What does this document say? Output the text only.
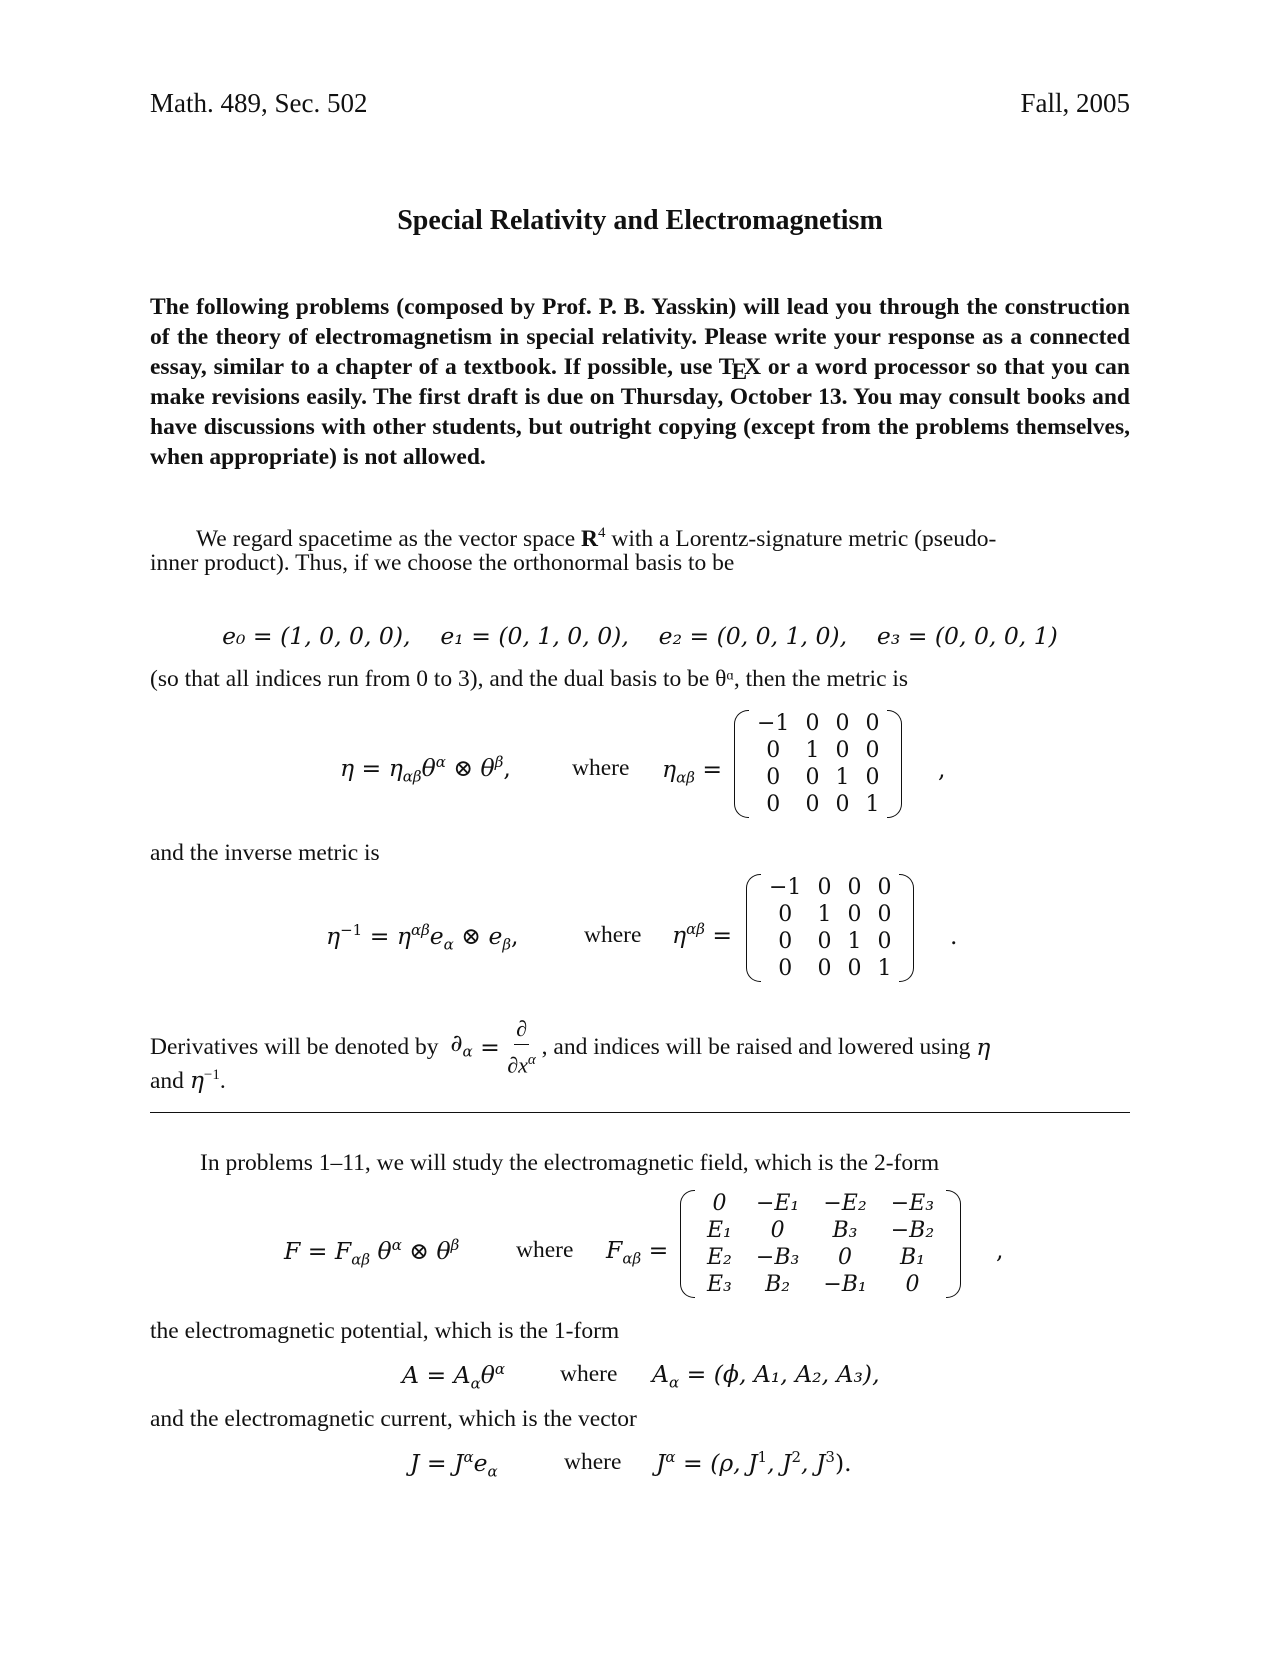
Math. 489, Sec. 502	Fall, 2005
Special Relativity and Electromagnetism
The following problems (composed by Prof. P. B. Yasskin) will lead you through the construction of the theory of electromagnetism in special relativity. Please write your response as a connected essay, similar to a chapter of a textbook. If possible, use TEX or a word processor so that you can make revisions easily. The first draft is due on Thursday, October 13. You may consult books and have discussions with other students, but outright copying (except from the problems themselves, when appropriate) is not allowed.
We regard spacetime as the vector space $R^4$ with a Lorentz-signature metric (pseudo-
inner product). Thus, if we choose the orthonormal basis to be
e₀ = (1, 0, 0, 0),    e₁ = (0, 1, 0, 0),    e₂ = (0, 0, 1, 0),    e₃ = (0, 0, 0, 1)
(so that all indices run from 0 to 3), and the dual basis to be θᵅ, then the metric is
$\eta = \eta_{\alpha\beta}\theta^\alpha$ ⊗ $\theta^\beta$,	where $\eta_{\alpha\beta}$ =
−1	0	0	0
0	1	0	0
0	0	1	0
0	0	0	1
,
and the inverse metric is
$\eta^{-1} = \eta^{\alpha\beta}e_\alpha$ ⊗ $e_\beta$,	where $\eta^{\alpha\beta}$ =
−1	0	0	0
0	1	0	0
0	0	1	0
0	0	0	1
.
Derivatives will be denoted by $\partial_\alpha = \frac{\partial}{\partial x^\alpha}$ , and indices will be raised and lowered using η
and $\eta^{-1}$.
In problems 1–11, we will study the electromagnetic field, which is the 2-form
$F = F_{\alpha\beta}$ $\theta^\alpha$ ⊗ $\theta^\beta$ where $F_{\alpha\beta}$ =
0	−E₁	−E₂	−E₃
E₁	0	B₃	−B₂
E₂	−B₃	0	B₁
E₃	B₂	−B₁	0
,
the electromagnetic potential, which is the 1-form
$A = A_\alpha\theta^\alpha$ where $A_\alpha = (\phi$, A₁, A₂, A₃),
and the electromagnetic current, which is the vector
$J = J^\alpha e_\alpha$	where $J^\alpha = (\rho$, $J^1$, $J^2$, $J^3$).
